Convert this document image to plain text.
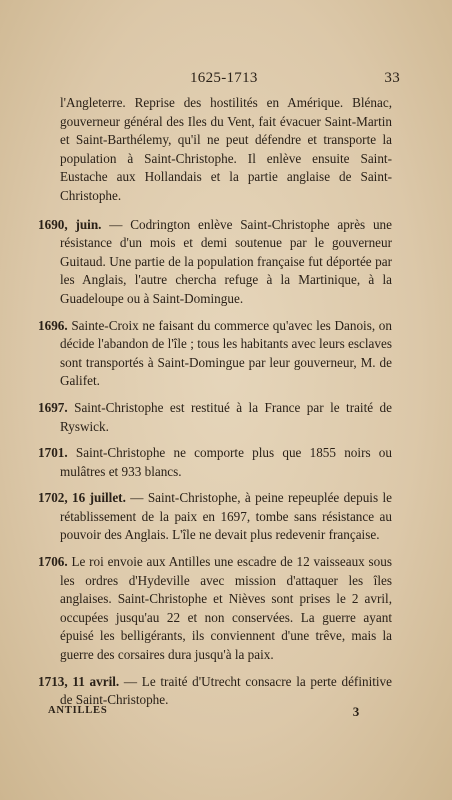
1625-1713	33

l'Angleterre. Reprise des hostilités en Amérique. Blénac, gouverneur général des Iles du Vent, fait évacuer Saint-Martin et Saint-Barthélemy, qu'il ne peut défendre et transporte la population à Saint-Christophe. Il enlève ensuite Saint-Eustache aux Hollandais et la partie anglaise de Saint-Christophe.

1690, juin. — Codrington enlève Saint-Christophe après une résistance d'un mois et demi soutenue par le gouverneur Guitaud. Une partie de la population française fut déportée par les Anglais, l'autre chercha refuge à la Martinique, à la Guadeloupe ou à Saint-Domingue.

1696. Sainte-Croix ne faisant du commerce qu'avec les Danois, on décide l'abandon de l'île ; tous les habitants avec leurs esclaves sont transportés à Saint-Domingue par leur gouverneur, M. de Galifet.

1697. Saint-Christophe est restitué à la France par le traité de Ryswick.

1701. Saint-Christophe ne comporte plus que 1855 noirs ou mulâtres et 933 blancs.

1702, 16 juillet. — Saint-Christophe, à peine repeuplée depuis le rétablissement de la paix en 1697, tombe sans résistance au pouvoir des Anglais. L'île ne devait plus redevenir française.

1706. Le roi envoie aux Antilles une escadre de 12 vaisseaux sous les ordres d'Hydeville avec mission d'attaquer les îles anglaises. Saint-Christophe et Nièves sont prises le 2 avril, occupées jusqu'au 22 et non conservées. La guerre ayant épuisé les belligérants, ils conviennent d'une trêve, mais la guerre des corsaires dura jusqu'à la paix.

1713, 11 avril. — Le traité d'Utrecht consacre la perte définitive de Saint-Christophe.

ANTILLES	3
